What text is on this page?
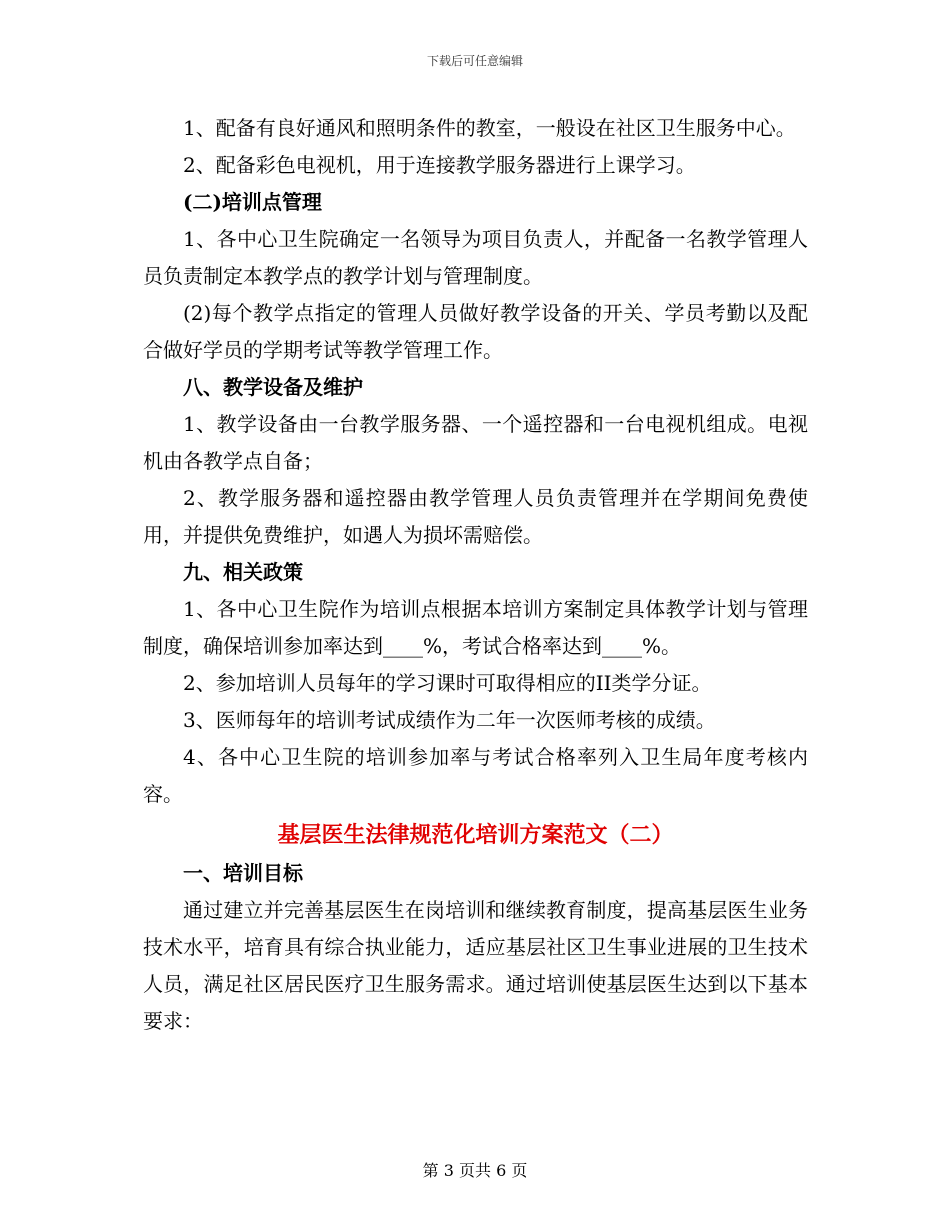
下载后可任意编辑

1、配备有良好通风和照明条件的教室，一般设在社区卫生服务中心。

2、配备彩色电视机，用于连接教学服务器进行上课学习。

(二)培训点管理

1、各中心卫生院确定一名领导为项目负责人，并配备一名教学管理人员负责制定本教学点的教学计划与管理制度。

(2)每个教学点指定的管理人员做好教学设备的开关、学员考勤以及配合做好学员的学期考试等教学管理工作。

八、教学设备及维护

1、教学设备由一台教学服务器、一个遥控器和一台电视机组成。电视机由各教学点自备；

2、教学服务器和遥控器由教学管理人员负责管理并在学期间免费使用，并提供免费维护，如遇人为损坏需赔偿。

九、相关政策

1、各中心卫生院作为培训点根据本培训方案制定具体教学计划与管理制度，确保培训参加率达到____%，考试合格率达到____%。

2、参加培训人员每年的学习课时可取得相应的II类学分证。

3、医师每年的培训考试成绩作为二年一次医师考核的成绩。

4、各中心卫生院的培训参加率与考试合格率列入卫生局年度考核内容。

基层医生法律规范化培训方案范文（二）

一、培训目标

通过建立并完善基层医生在岗培训和继续教育制度，提高基层医生业务技术水平，培育具有综合执业能力，适应基层社区卫生事业进展的卫生技术人员，满足社区居民医疗卫生服务需求。通过培训使基层医生达到以下基本要求：

第 3 页共 6 页
